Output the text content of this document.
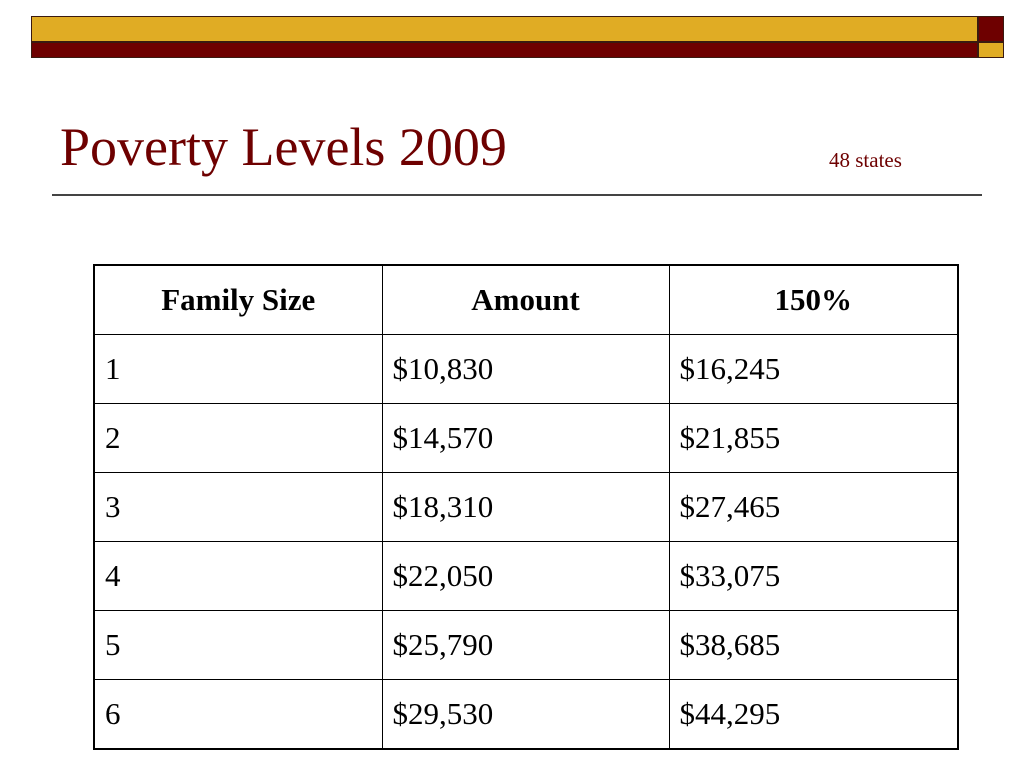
Poverty Levels 2009	48 states
Family Size	Amount	150%
1	$10,830	$16,245
2	$14,570	$21,855
3	$18,310	$27,465
4	$22,050	$33,075
5	$25,790	$38,685
6	$29,530	$44,295
